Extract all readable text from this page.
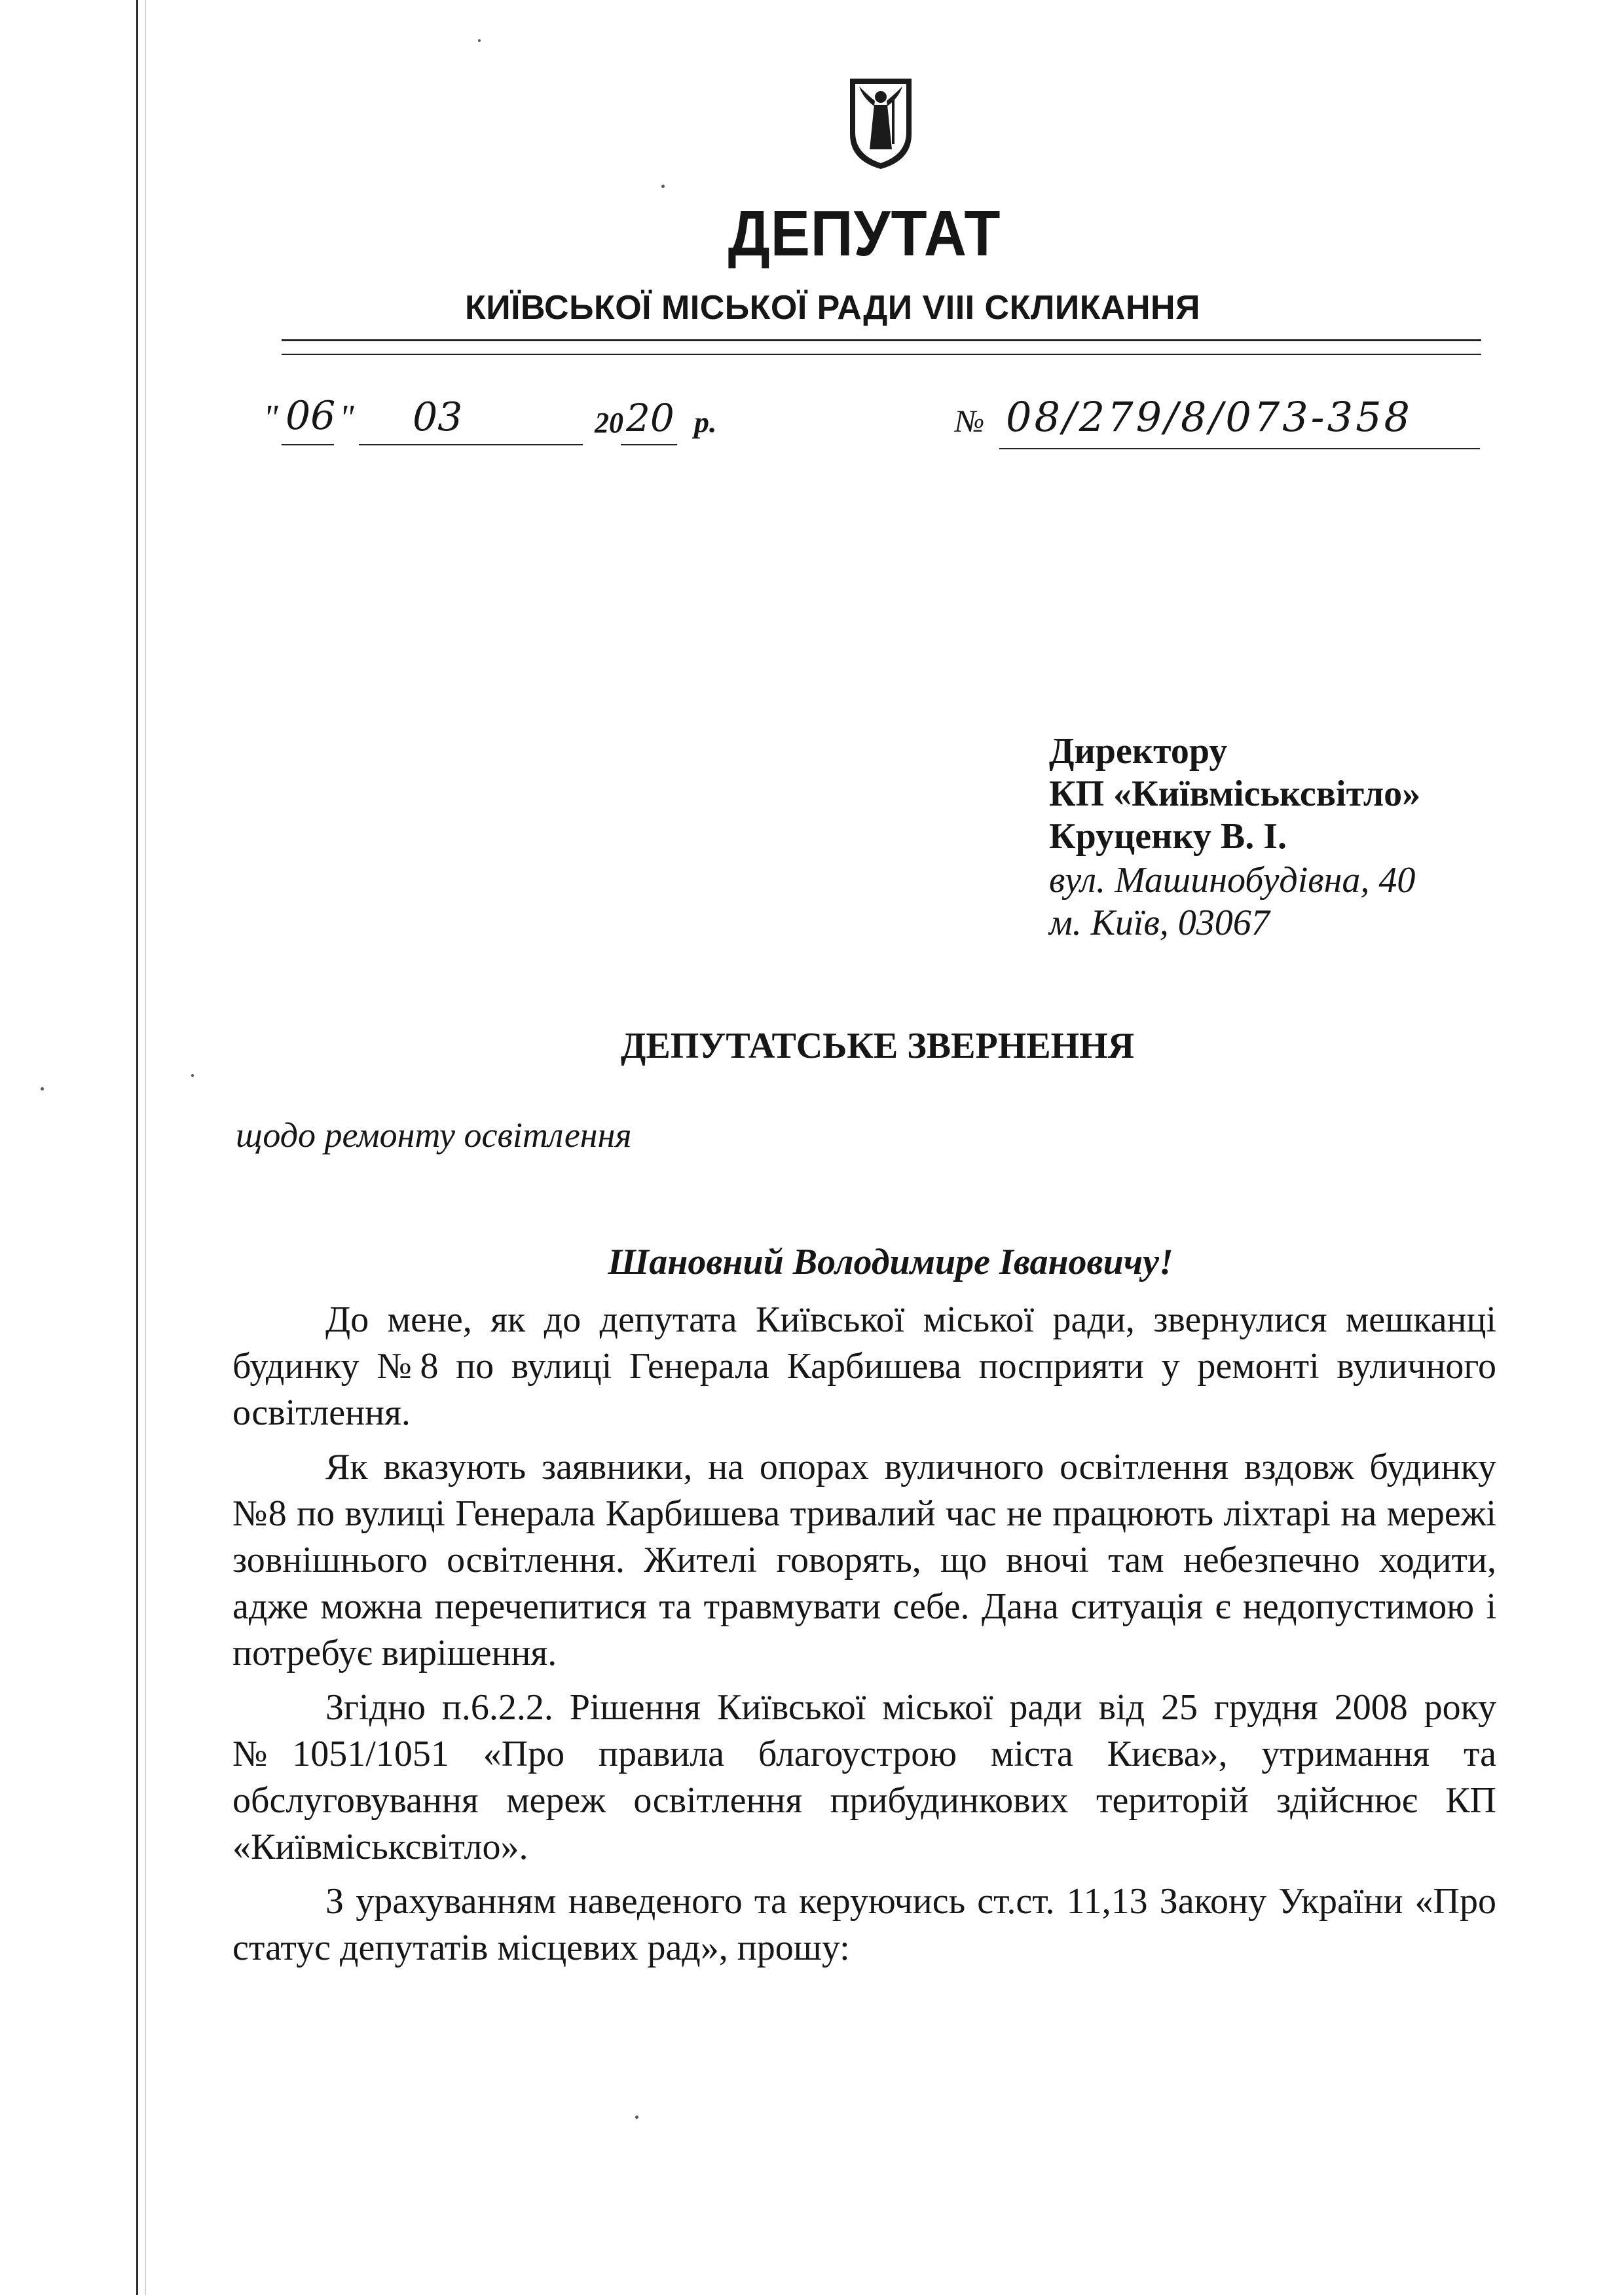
ДЕПУТАТ
КИЇВСЬКОЇ МІСЬКОЇ РАДИ VIII СКЛИКАННЯ
" 06 " 03	20 20 р.	№ 08/279/8/073-358
Директору
КП «Київміськсвітло»
Круценку В. І.
вул. Машинобудівна, 40
м. Київ, 03067
ДЕПУТАТСЬКЕ ЗВЕРНЕННЯ
щодо ремонту освітлення
Шановний Володимире Івановичу!

До мене, як до депутата Київської міської ради, звернулися мешканці будинку №8 по вулиці Генерала Карбишева посприяти у ремонті вуличного освітлення.

Як вказують заявники, на опорах вуличного освітлення вздовж будинку №8 по вулиці Генерала Карбишева тривалий час не працюють ліхтарі на мережі зовнішнього освітлення. Жителі говорять, що вночі там небезпечно ходити, адже можна перечепитися та травмувати себе. Дана ситуація є недопустимою і потребує вирішення.

Згідно п.6.2.2. Рішення Київської міської ради від 25 грудня 2008 року №1051/1051 «Про правила благоустрою міста Києва», утримання та обслуговування мереж освітлення прибудинкових територій здійснює КП «Київміськсвітло».

З урахуванням наведеного та керуючись ст.ст. 11,13 Закону України «Про статус депутатів місцевих рад», прошу:
